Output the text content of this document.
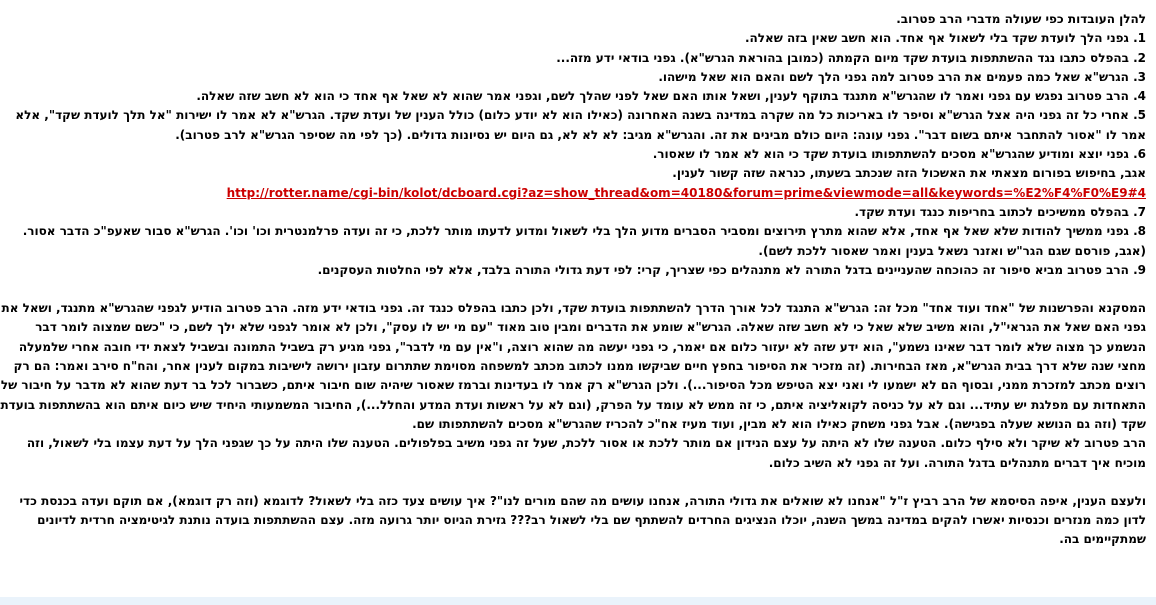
להלן העובדות כפי שעולה מדברי הרב פטרוב.

1. גפני הלך לועדת שקד בלי לשאול אף אחד. הוא חשב שאין בזה שאלה.

2. בהפלס כתבו נגד ההשתתפות בועדת שקד מיום הקמתה (כמובן בהוראת הגרש"א). גפני בודאי ידע מזה...

3. הגרש"א שאל כמה פעמים את הרב פטרוב למה גפני הלך לשם והאם הוא שאל מישהו.

4. הרב פטרוב נפגש עם גפני ואמר לו שהגרש"א מתנגד בתוקף לענין, ושאל אותו האם שאל לפני שהלך לשם, וגפני אמר שהוא לא שאל אף אחד כי הוא לא חשב שזה שאלה.

5. אחרי כל זה גפני היה אצל הגרש"א וסיפר לו באריכות כל מה שקרה במדינה בשנה האחרונה (כאילו הוא לא יודע כלום) כולל הענין של ועדת שקד. הגרש"א לא אמר לו ישירות "אל תלך לועדת שקד", אלא אמר לו "אסור להתחבר איתם בשום דבר". גפני עונה: היום כולם מבינים את זה. והגרש"א מגיב: לא לא לא, גם היום יש נסיונות גדולים. (כך לפי מה שסיפר הגרש"א לרב פטרוב).

6. גפני יוצא ומודיע שהגרש"א מסכים להשתתפותו בועדת שקד כי הוא לא אמר לו שאסור.

אגב, בחיפוש בפורום מצאתי את האשכול הזה שנכתב בשעתו, כנראה שזה קשור לענין.

http://rotter.name/cgi-bin/kolot/dcboard.cgi?az=show_thread&om=40180&forum=prime&viewmode=all&keywords=%E2%F4%F0%E9#4

7. בהפלס ממשיכים לכתוב בחריפות כנגד ועדת שקד.

8. גפני ממשיך להודות שלא שאל אף אחד, אלא שהוא מתרץ תירוצים ומסביר הסברים מדוע הלך בלי לשאול ומדוע לדעתו מותר ללכת, כי זה ועדה פרלמנטרית וכו' וכו'. הגרש"א סבור שאעפ"כ הדבר אסור. (אגב, פורסם שגם הגר"ש ואזנר נשאל בענין ואמר שאסור ללכת לשם).

9. הרב פטרוב מביא סיפור זה כהוכחה שהעניינים בדגל התורה לא מתנהלים כפי שצריך, קרי: לפי דעת גדולי התורה בלבד, אלא לפי החלטות העסקנים.

המסקנא והפרשנות של "אחד ועוד אחד" מכל זה: הגרש"א התנגד לכל אורך הדרך להשתתפות בועדת שקד, ולכן כתבו בהפלס כנגד זה. גפני בודאי ידע מזה. הרב פטרוב הודיע לגפני שהגרש"א מתנגד, ושאל את גפני האם שאל את הגראי"ל, והוא משיב שלא שאל כי לא חשב שזה שאלה. הגרש"א שומע את הדברים ומבין טוב מאוד "עם מי יש לו עסק", ולכן לא אומר לגפני שלא ילך לשם, כי "כשם שמצוה לומר דבר הנשמע כך מצוה שלא לומר דבר שאינו נשמע", הוא ידע שזה לא יעזור כלום אם יאמר, כי גפני יעשה מה שהוא רוצה, ו"אין עם מי לדבר", גפני מגיע רק בשביל התמונה ובשביל לצאת ידי חובה אחרי שלמעלה מחצי שנה שלא דרך בבית הגרש"א, מאז הבחירות. (זה מזכיר את הסיפור בחפץ חיים שביקשו ממנו לכתוב מכתב למשפחה מסוימת שתתרום עזבון ירושה לישיבות במקום לענין אחר, והח"ח סירב ואמר: הם רק רוצים מכתב למזכרת ממני, ובסוף הם לא ישמעו לי ואני יצא הטיפש מכל הסיפור...). ולכן הגרש"א רק אמר לו בעדינות וברמז שאסור שיהיה שום חיבור איתם, כשברור לכל בר דעת שהוא לא מדבר על חיבור של התאחדות עם מפלגת יש עתיד... וגם לא על כניסה לקואליציה איתם, כי זה ממש לא עומד על הפרק, (וגם לא על ראשות ועדת המדע והחלל...), החיבור המשמעותי היחיד שיש כיום איתם הוא בהשתתפות בועדת שקד (וזה גם הנושא שעלה בפגישה). אבל גפני משחק כאילו הוא לא מבין, ועוד מעיז אח"כ להכריז שהגרש"א מסכים להשתתפותו שם.

הרב פטרוב לא שיקר ולא סילף כלום. הטענה שלו לא היתה על עצם הנידון אם מותר ללכת או אסור ללכת, שעל זה גפני משיב בפלפולים. הטענה שלו היתה על כך שגפני הלך על דעת עצמו בלי לשאול, וזה מוכיח איך דברים מתנהלים בדגל התורה. ועל זה גפני לא השיב כלום.

ולעצם הענין, איפה הסיסמא של הרב רביץ ז"ל "אנחנו לא שואלים את גדולי התורה, אנחנו עושים מה שהם מורים לנו"? איך עושים צעד כזה בלי לשאול? לדוגמא (וזה רק דוגמא), אם תוקם ועדה בכנסת כדי לדון כמה מנזרים וכנסיות יאשרו להקים במדינה במשך השנה, יוכלו הנציגים החרדים להשתתף שם בלי לשאול רב??? גזירת הגיוס יותר גרועה מזה. עצם ההשתתפות בועדה נותנת לגיטימציה חרדית לדיונים שמתקיימים בה.
